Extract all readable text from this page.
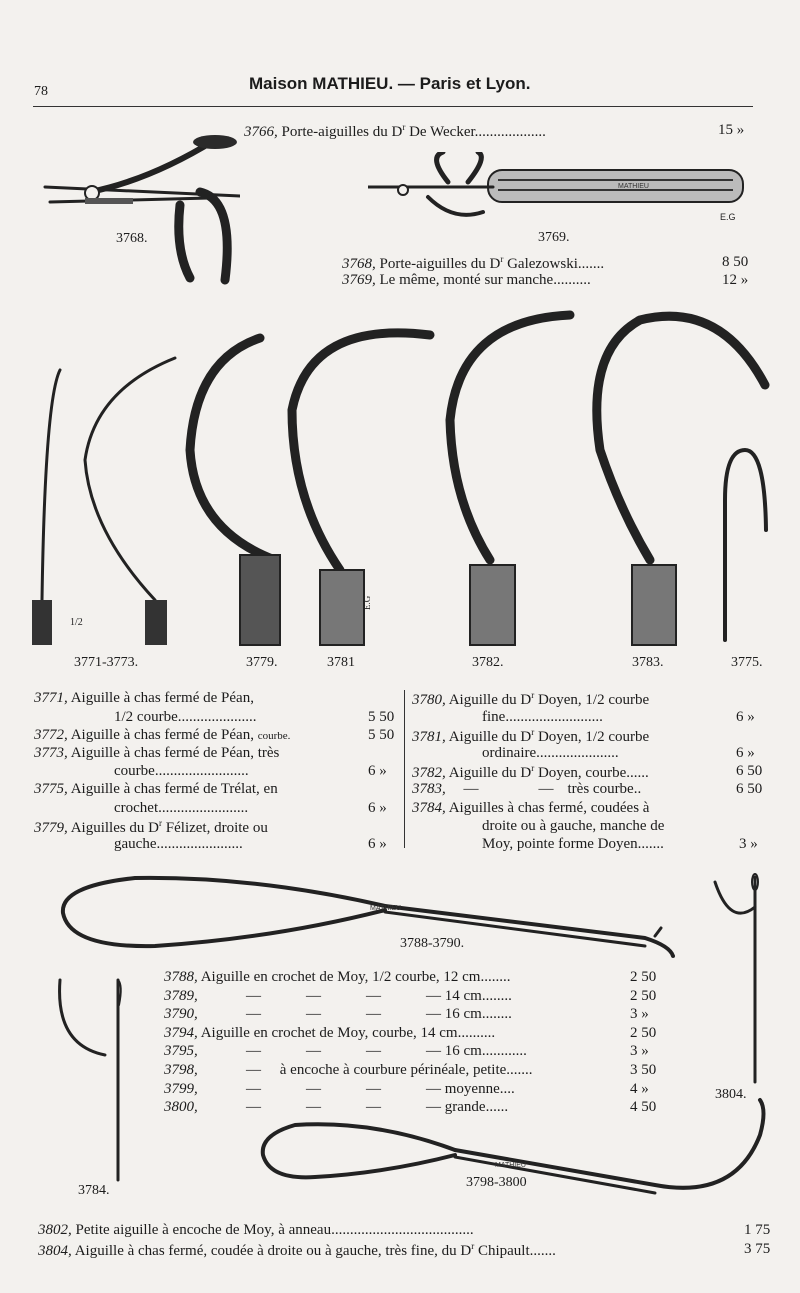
78	Maison MATHIEU. — Paris et Lyon.
3766, Porte-aiguilles du $D^r$ De Wecker...................	15 »
3768.
MATHIEU
E.G
3769.
3768, Porte-aiguilles du $D^r$ Galezowski.......	8 50
3769, Le même, monté sur manche..........	12 »
1/2
E.G
3771-3773.	3779.	3781	3782.	3783.	3775.
3771, Aiguille à chas fermé de Péan,
1/2 courbe.....................	5 50
3772, Aiguille à chas fermé de Péan, courbe.	5 50
3773, Aiguille à chas fermé de Péan, très
courbe.........................	6 »
3775, Aiguille à chas fermé de Trélat, en
crochet........................	6 »
3779, Aiguilles du $D^r$ Félizet, droite ou
gauche.......................	6 »
3780, Aiguille du $D^r$ Doyen, 1/2 courbe
fine..........................	6 »
3781, Aiguille du $D^r$ Doyen, 1/2 courbe
ordinaire......................	6 »
3782, Aiguille du $D^r$ Doyen, courbe......	6 50
3783, —	— très courbe..	6 50
3784, Aiguilles à chas fermé, coudées à
droite ou à gauche, manche de
Moy, pointe forme Doyen.......	3 »
MATHIEU
3788-3790.
3788, Aiguille en crochet de Moy, 1/2 courbe, 12 cm........	2 50
3789,	—            —            —            — 14 cm........	2 50
3790,	—            —            —            — 16 cm........	3 »
3794, Aiguille en crochet de Moy, courbe, 14 cm..........	2 50
3795,	—            —            —            — 16 cm............	3 »
3798,	—     à encoche à courbure périnéale, petite.......	3 50
3799,	—            —            —            — moyenne....	4 »
3800,	—            —            —            — grande......	4 50
3804.
MATHIEU
3784.
3798-3800
3802, Petite aiguille à encoche de Moy, à anneau......................................	1 75
3804, Aiguille à chas fermé, coudée à droite ou à gauche, très fine, du $D^r$ Chipault.......	3 75
